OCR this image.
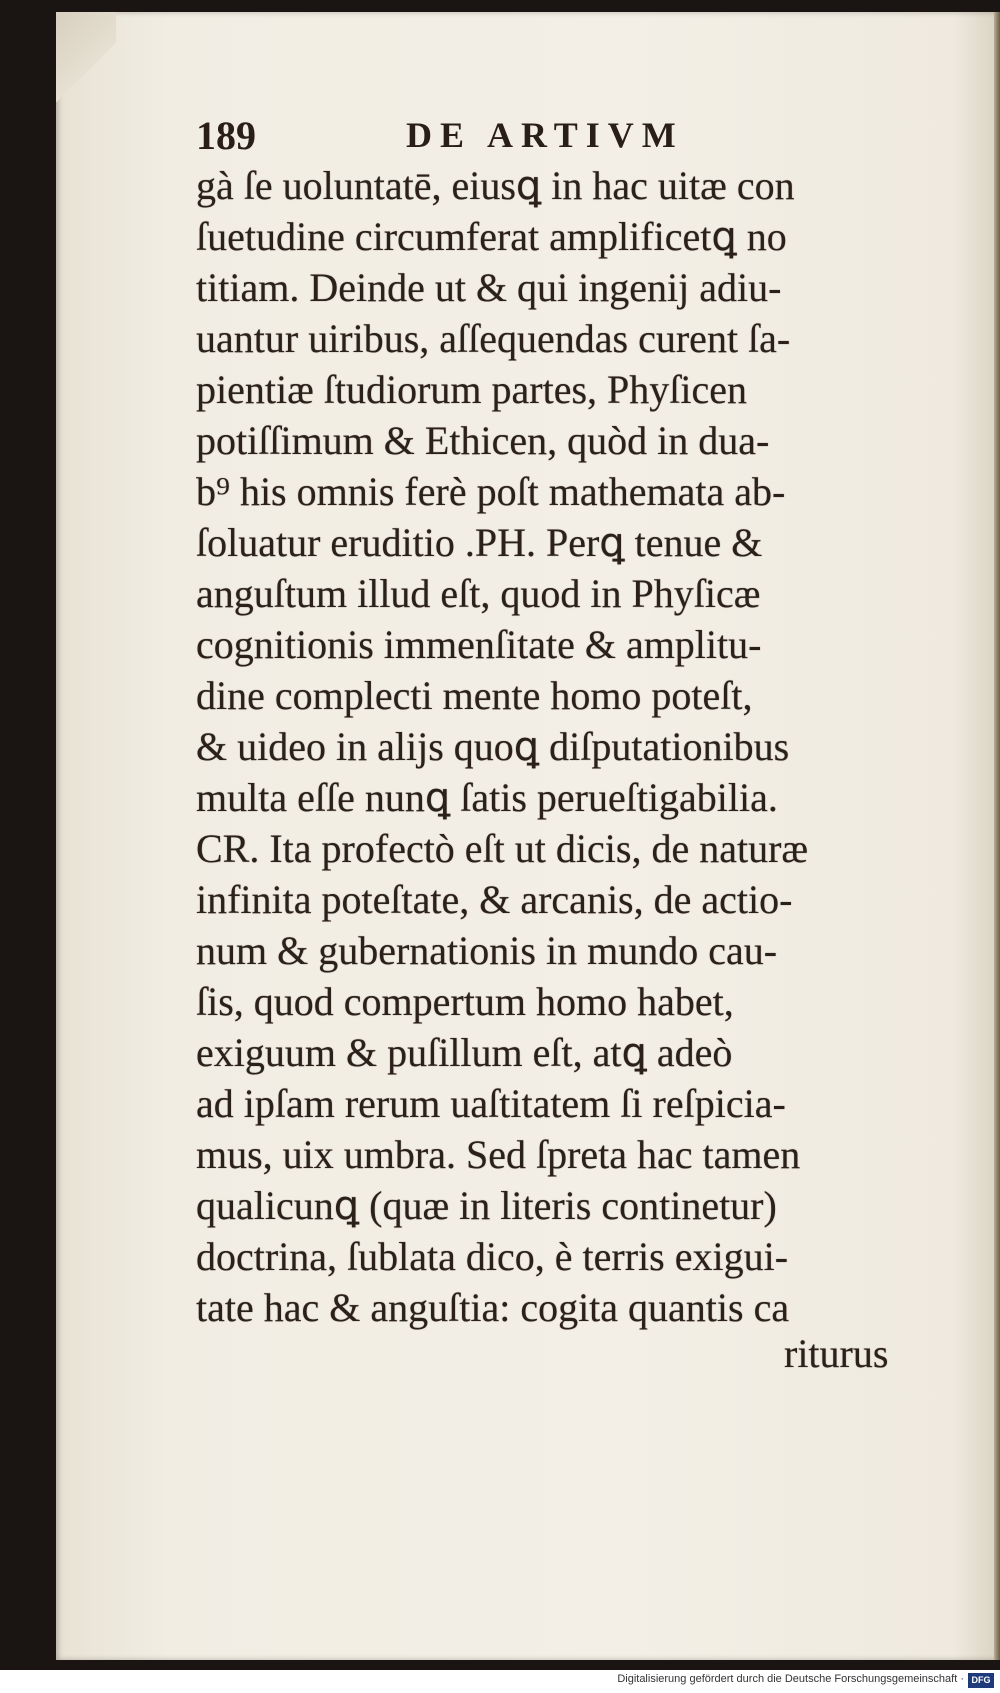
189	DE ARTIVM
gà ſe uoluntatē, eiusꝗ in hac uitæ con
ſuetudine circumferat amplificetꝗ no
titiam. Deinde ut & qui ingenij adiu-
uantur uiribus, aſſequendas curent ſa-
pientiæ ſtudiorum partes, Phyſicen
potiſſimum & Ethicen, quòd in dua-
b⁹ his omnis ferè poſt mathemata ab-
ſoluatur eruditio .PH. Perꝗ tenue &
anguſtum illud eſt, quod in Phyſicæ
cognitionis immenſitate & amplitu-
dine complecti mente homo poteſt,
& uideo in alijs quoꝗ diſputationibus
multa eſſe nunꝗ ſatis perueſtigabilia.
CR. Ita profectò eſt ut dicis, de naturæ
infinita poteſtate, & arcanis, de actio-
num & gubernationis in mundo cau-
ſis, quod compertum homo habet,
exiguum & puſillum eſt, atꝗ adeò
ad ipſam rerum uaſtitatem ſi reſpicia-
mus, uix umbra. Sed ſpreta hac tamen
qualicunꝗ (quæ in literis continetur)
doctrina, ſublata dico, è terris exigui-
tate hac & anguſtia: cogita quantis ca
riturus
Digitalisierung gefördert durch die Deutsche Forschungsgemeinschaft · DFG
